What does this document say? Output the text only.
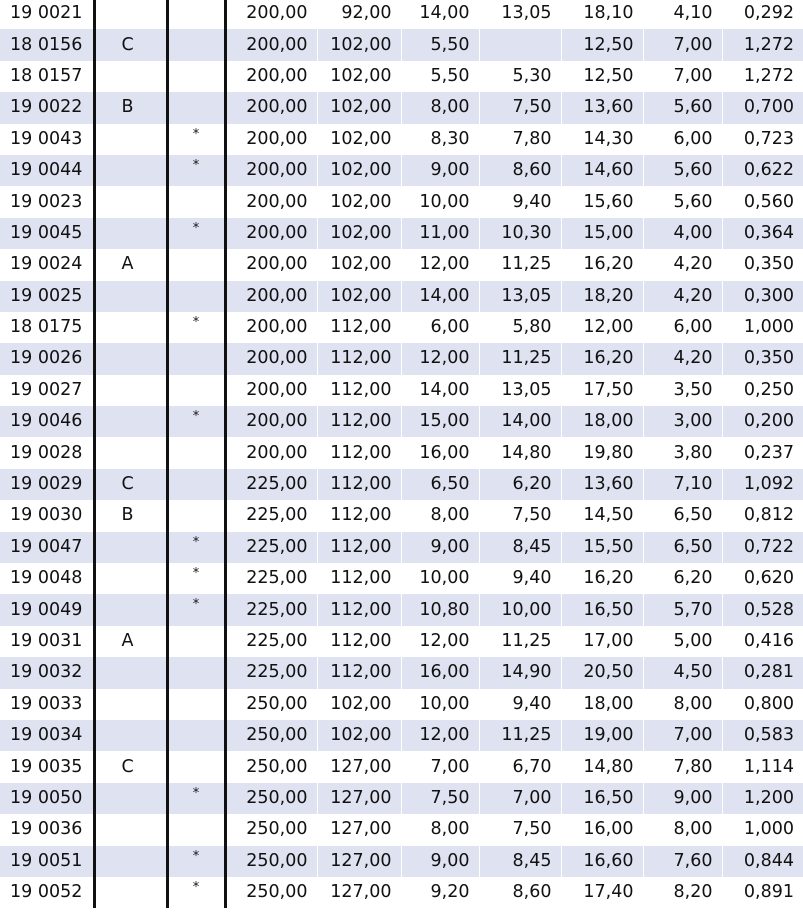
19 0021			200,00	92,00	14,00	13,05	18,10	4,10	0,292
18 0156	C		200,00	102,00	5,50		12,50	7,00	1,272
18 0157			200,00	102,00	5,50	5,30	12,50	7,00	1,272
19 0022	B		200,00	102,00	8,00	7,50	13,60	5,60	0,700
19 0043		*	200,00	102,00	8,30	7,80	14,30	6,00	0,723
19 0044		*	200,00	102,00	9,00	8,60	14,60	5,60	0,622
19 0023			200,00	102,00	10,00	9,40	15,60	5,60	0,560
19 0045		*	200,00	102,00	11,00	10,30	15,00	4,00	0,364
19 0024	A		200,00	102,00	12,00	11,25	16,20	4,20	0,350
19 0025			200,00	102,00	14,00	13,05	18,20	4,20	0,300
18 0175		*	200,00	112,00	6,00	5,80	12,00	6,00	1,000
19 0026			200,00	112,00	12,00	11,25	16,20	4,20	0,350
19 0027			200,00	112,00	14,00	13,05	17,50	3,50	0,250
19 0046		*	200,00	112,00	15,00	14,00	18,00	3,00	0,200
19 0028			200,00	112,00	16,00	14,80	19,80	3,80	0,237
19 0029	C		225,00	112,00	6,50	6,20	13,60	7,10	1,092
19 0030	B		225,00	112,00	8,00	7,50	14,50	6,50	0,812
19 0047		*	225,00	112,00	9,00	8,45	15,50	6,50	0,722
19 0048		*	225,00	112,00	10,00	9,40	16,20	6,20	0,620
19 0049		*	225,00	112,00	10,80	10,00	16,50	5,70	0,528
19 0031	A		225,00	112,00	12,00	11,25	17,00	5,00	0,416
19 0032			225,00	112,00	16,00	14,90	20,50	4,50	0,281
19 0033			250,00	102,00	10,00	9,40	18,00	8,00	0,800
19 0034			250,00	102,00	12,00	11,25	19,00	7,00	0,583
19 0035	C		250,00	127,00	7,00	6,70	14,80	7,80	1,114
19 0050		*	250,00	127,00	7,50	7,00	16,50	9,00	1,200
19 0036			250,00	127,00	8,00	7,50	16,00	8,00	1,000
19 0051		*	250,00	127,00	9,00	8,45	16,60	7,60	0,844
19 0052		*	250,00	127,00	9,20	8,60	17,40	8,20	0,891
